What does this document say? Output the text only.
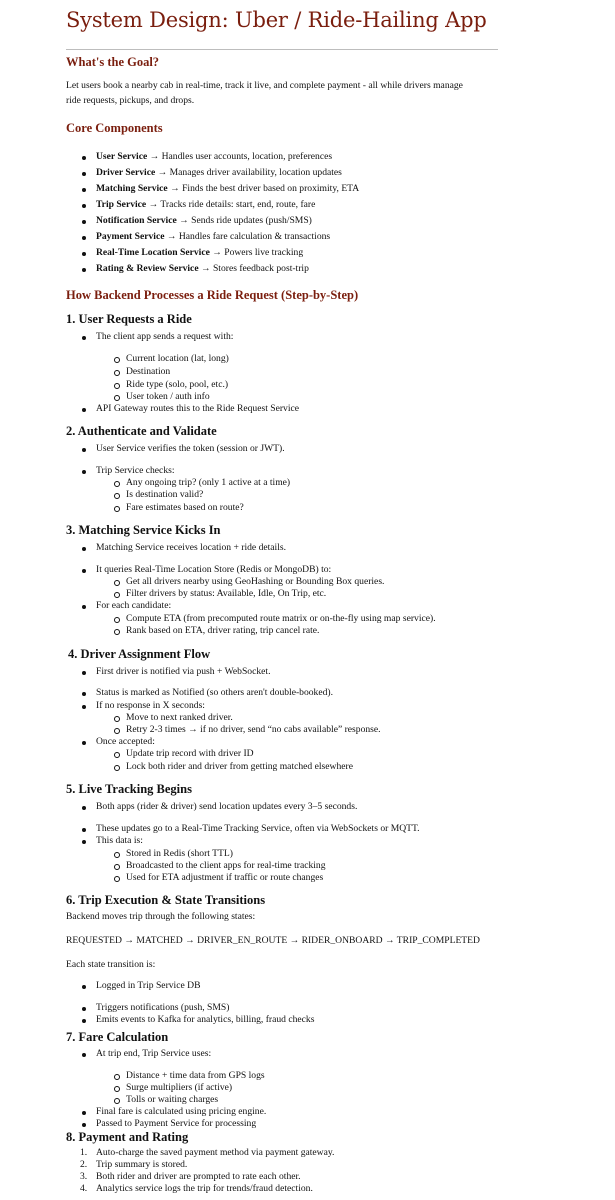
System Design: Uber / Ride-Hailing App
What's the Goal?
Let users book a nearby cab in real-time, track it live, and complete payment - all while drivers manage
ride requests, pickups, and drops.
Core Components
User Service → Handles user accounts, location, preferences
Driver Service → Manages driver availability, location updates
Matching Service → Finds the best driver based on proximity, ETA
Trip Service → Tracks ride details: start, end, route, fare
Notification Service → Sends ride updates (push/SMS)
Payment Service → Handles fare calculation & transactions
Real-Time Location Service → Powers live tracking
Rating & Review Service → Stores feedback post-trip
How Backend Processes a Ride Request (Step-by-Step)
1. User Requests a Ride
The client app sends a request with:
Current location (lat, long)
Destination
Ride type (solo, pool, etc.)
User token / auth info
API Gateway routes this to the Ride Request Service
2. Authenticate and Validate
User Service verifies the token (session or JWT).
Trip Service checks:
Any ongoing trip? (only 1 active at a time)
Is destination valid?
Fare estimates based on route?
3. Matching Service Kicks In
Matching Service receives location + ride details.
It queries Real-Time Location Store (Redis or MongoDB) to:
Get all drivers nearby using GeoHashing or Bounding Box queries.
Filter drivers by status: Available, Idle, On Trip, etc.
For each candidate:
Compute ETA (from precomputed route matrix or on-the-fly using map service).
Rank based on ETA, driver rating, trip cancel rate.
4. Driver Assignment Flow
First driver is notified via push + WebSocket.
Status is marked as Notified (so others aren't double-booked).
If no response in X seconds:
Move to next ranked driver.
Retry 2-3 times → if no driver, send “no cabs available” response.
Once accepted:
Update trip record with driver ID
Lock both rider and driver from getting matched elsewhere
5. Live Tracking Begins
Both apps (rider & driver) send location updates every 3–5 seconds.
These updates go to a Real-Time Tracking Service, often via WebSockets or MQTT.
This data is:
Stored in Redis (short TTL)
Broadcasted to the client apps for real-time tracking
Used for ETA adjustment if traffic or route changes
6. Trip Execution & State Transitions
Backend moves trip through the following states:
REQUESTED → MATCHED → DRIVER_EN_ROUTE → RIDER_ONBOARD → TRIP_COMPLETED
Each state transition is:
Logged in Trip Service DB
Triggers notifications (push, SMS)
Emits events to Kafka for analytics, billing, fraud checks
7. Fare Calculation
At trip end, Trip Service uses:
Distance + time data from GPS logs
Surge multipliers (if active)
Tolls or waiting charges
Final fare is calculated using pricing engine.
Passed to Payment Service for processing
8. Payment and Rating
1. Auto-charge the saved payment method via payment gateway.
2. Trip summary is stored.
3. Both rider and driver are prompted to rate each other.
4. Analytics service logs the trip for trends/fraud detection.
